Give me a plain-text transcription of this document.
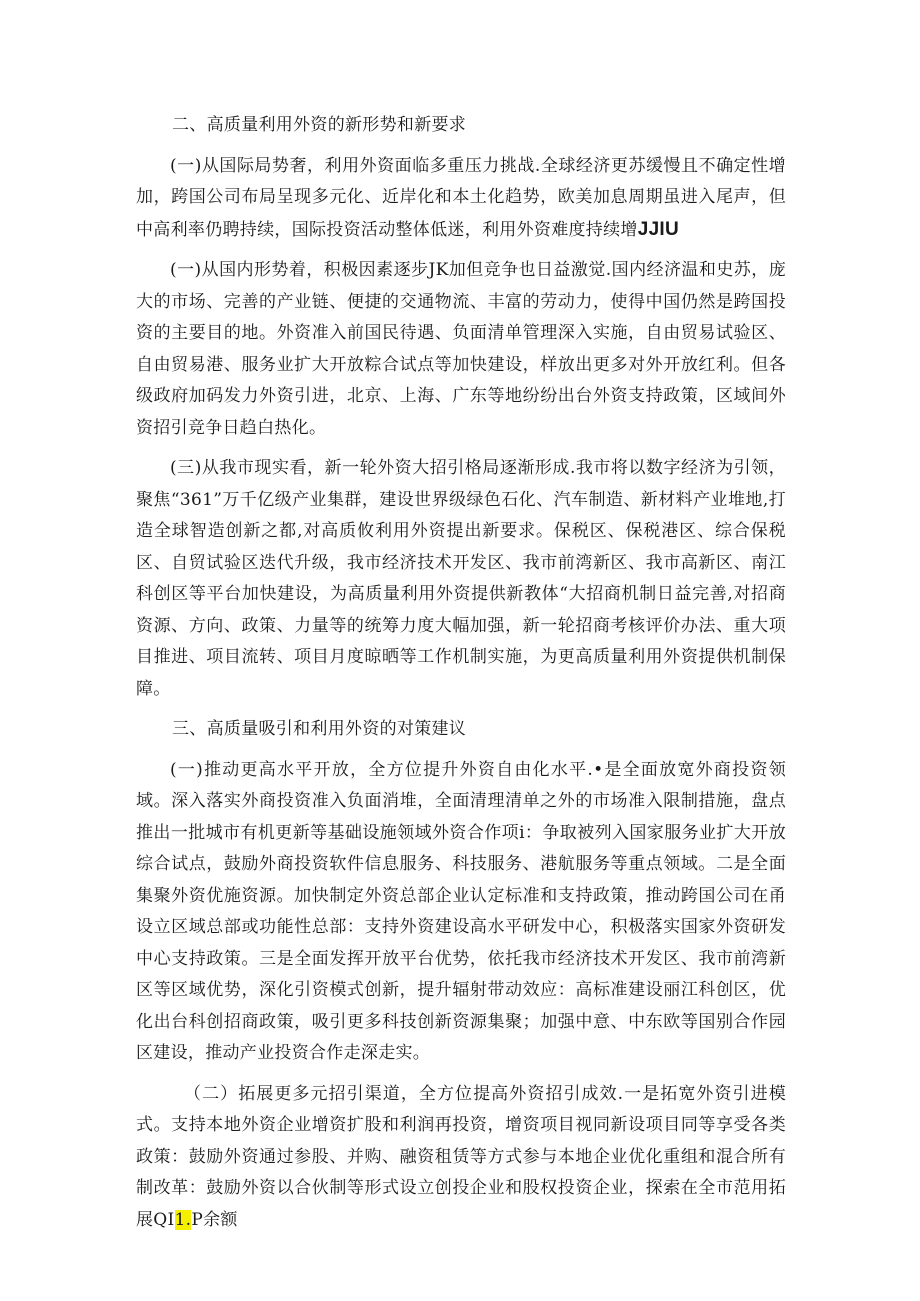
二、高质量利用外资的新形势和新要求

(一)从国际局势奢，利用外资面临多重压力挑战.全球经济更苏缓慢且不确定性增加，跨国公司布局呈现多元化、近岸化和本土化趋势，欧美加息周期虽进入尾声，但中高利率仍聘持续，国际投资活动整体低迷，利用外资难度持续增JJIU

(一)从国内形势着，积极因素逐步JK加但竞争也日益激觉.国内经济温和史苏，庞大的市场、完善的产业链、便捷的交通物流、丰富的劳动力，使得中国仍然是跨国投资的主要目的地。外资准入前国民待遇、负面清单管理深入实施，自由贸易试验区、自由贸易港、服务业扩大开放粽合试点等加快建设，样放出更多对外开放红利。但各级政府加码发力外资引进，北京、上海、广东等地纷纷出台外资支持政策，区域间外资招引竞争日趋白热化。

(三)从我市现实看，新一轮外资大招引格局逐渐形成.我市将以数字经济为引领，聚焦“361”万千亿级产业集群，建设世界级绿色石化、汽车制造、新材料产业堆地,打造全球智造创新之都,对高质攸利用外资提出新要求。保税区、保税港区、综合保税区、自贸试验区迭代升级，我市经济技术开发区、我市前湾新区、我市高新区、南江科创区等平台加快建设，为高质量利用外资提供新教体“大招商机制日益完善,对招商资源、方向、政策、力量等的统筹力度大幅加强，新一轮招商考核评价办法、重大项目推进、项目流转、项目月度晾晒等工作机制实施，为更高质量利用外资提供机制保障。

三、高质量吸引和利用外资的对策建议

(一)推动更高水平开放，全方位提升外资自由化水平.•是全面放宽外商投资领域。深入落实外商投资准入负面消堆，全面清理清单之外的市场准入限制措施，盘点推出一批城市有机更新等基础设施领域外资合作项i：争取被列入国家服务业扩大开放综合试点，鼓励外商投资软件信息服务、科技服务、港航服务等重点领域。二是全面集聚外资优施资源。加快制定外资总部企业认定标准和支持政策，推动跨国公司在甬设立区域总部或功能性总部：支持外资建设高水平研发中心，积极落实国家外资研发中心支持政策。三是全面发挥开放平台优势，依托我市经济技术开发区、我市前湾新区等区域优势，深化引资模式创新，提升辐射带动效应：高标准建设丽江科创区，优化出台科创招商政策，吸引更多科技创新资源集聚；加强中意、中东欧等国别合作园区建设，推动产业投资合作走深走实。

（二）拓展更多元招引渠道，全方位提高外资招引成效.一是拓宽外资引进模式。支持本地外资企业增资扩股和利润再投资，增资项目视同新设项目同等享受各类政策：鼓励外资通过参股、并购、融资租赁等方式参与本地企业优化重组和混合所有制改革：鼓励外资以合伙制等形式设立创投企业和股权投资企业，探索在全市范用拓展QI1.P余额
